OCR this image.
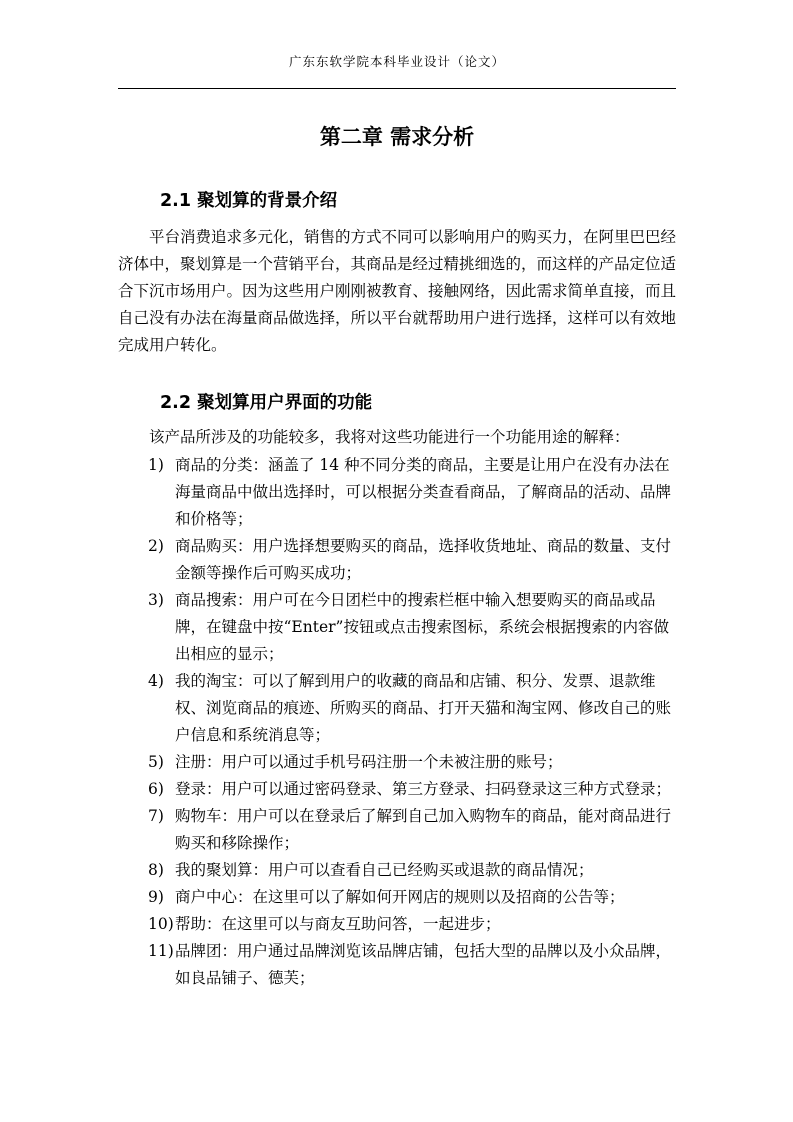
广东东软学院本科毕业设计（论文）
第二章 需求分析
2.1 聚划算的背景介绍

平台消费追求多元化，销售的方式不同可以影响用户的购买力，在阿里巴巴经济体中，聚划算是一个营销平台，其商品是经过精挑细选的，而这样的产品定位适合下沉市场用户。因为这些用户刚刚被教育、接触网络，因此需求简单直接，而且自己没有办法在海量商品做选择，所以平台就帮助用户进行选择，这样可以有效地完成用户转化。

2.2 聚划算用户界面的功能

该产品所涉及的功能较多，我将对这些功能进行一个功能用途的解释：

1) 商品的分类：涵盖了 14 种不同分类的商品，主要是让用户在没有办法在海量商品中做出选择时，可以根据分类查看商品，了解商品的活动、品牌和价格等；
2) 商品购买：用户选择想要购买的商品，选择收货地址、商品的数量、支付金额等操作后可购买成功；
3) 商品搜索：用户可在今日团栏中的搜索栏框中输入想要购买的商品或品牌，在键盘中按“Enter”按钮或点击搜索图标，系统会根据搜索的内容做出相应的显示；
4) 我的淘宝：可以了解到用户的收藏的商品和店铺、积分、发票、退款维权、浏览商品的痕迹、所购买的商品、打开天猫和淘宝网、修改自己的账户信息和系统消息等；
5) 注册：用户可以通过手机号码注册一个未被注册的账号；
6) 登录：用户可以通过密码登录、第三方登录、扫码登录这三种方式登录；
7) 购物车：用户可以在登录后了解到自己加入购物车的商品，能对商品进行购买和移除操作；
8) 我的聚划算：用户可以查看自己已经购买或退款的商品情况；
9) 商户中心：在这里可以了解如何开网店的规则以及招商的公告等；
10) 帮助：在这里可以与商友互助问答，一起进步；
11) 品牌团：用户通过品牌浏览该品牌店铺，包括大型的品牌以及小众品牌，如良品铺子、德芙；
